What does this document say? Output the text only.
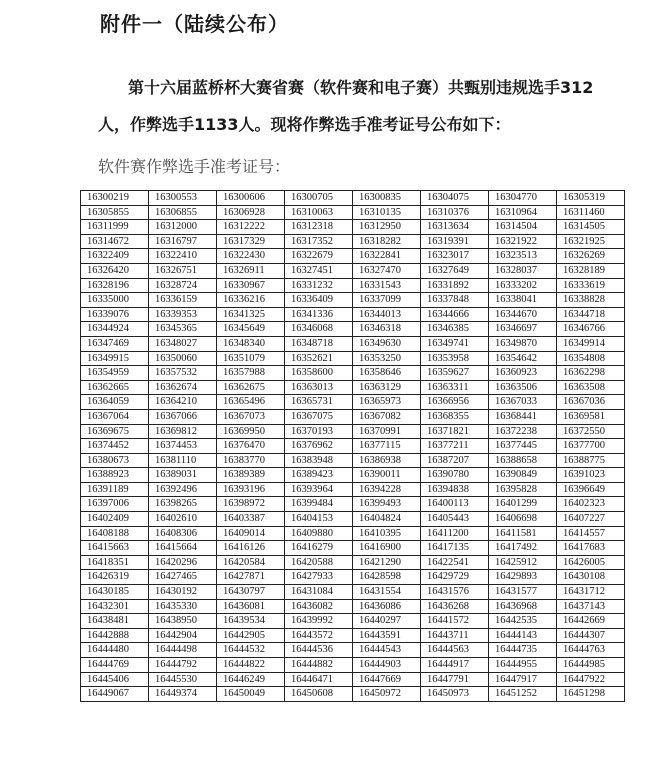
附件一（陆续公布）
第十六届蓝桥杯大赛省赛（软件赛和电子赛）共甄别违规选手312
人，作弊选手1133人。现将作弊选手准考证号公布如下：
软件赛作弊选手准考证号：
16300219	16300553	16300606	16300705	16300835	16304075	16304770	16305319
16305855	16306855	16306928	16310063	16310135	16310376	16310964	16311460
16311999	16312000	16312222	16312318	16312950	16313634	16314504	16314505
16314672	16316797	16317329	16317352	16318282	16319391	16321922	16321925
16322409	16322410	16322430	16322679	16322841	16323017	16323513	16326269
16326420	16326751	16326911	16327451	16327470	16327649	16328037	16328189
16328196	16328724	16330967	16331232	16331543	16331892	16333202	16333619
16335000	16336159	16336216	16336409	16337099	16337848	16338041	16338828
16339076	16339353	16341325	16341336	16344013	16344666	16344670	16344718
16344924	16345365	16345649	16346068	16346318	16346385	16346697	16346766
16347469	16348027	16348340	16348718	16349630	16349741	16349870	16349914
16349915	16350060	16351079	16352621	16353250	16353958	16354642	16354808
16354959	16357532	16357988	16358600	16358646	16359627	16360923	16362298
16362665	16362674	16362675	16363013	16363129	16363311	16363506	16363508
16364059	16364210	16365496	16365731	16365973	16366956	16367033	16367036
16367064	16367066	16367073	16367075	16367082	16368355	16368441	16369581
16369675	16369812	16369950	16370193	16370991	16371821	16372238	16372550
16374452	16374453	16376470	16376962	16377115	16377211	16377445	16377700
16380673	16381110	16383770	16383948	16386938	16387207	16388658	16388775
16388923	16389031	16389389	16389423	16390011	16390780	16390849	16391023
16391189	16392496	16393196	16393964	16394228	16394838	16395828	16396649
16397006	16398265	16398972	16399484	16399493	16400113	16401299	16402323
16402409	16402610	16403387	16404153	16404824	16405443	16406698	16407227
16408188	16408306	16409014	16409880	16410395	16411200	16411581	16414557
16415663	16415664	16416126	16416279	16416900	16417135	16417492	16417683
16418351	16420296	16420584	16420588	16421290	16422541	16425912	16426005
16426319	16427465	16427871	16427933	16428598	16429729	16429893	16430108
16430185	16430192	16430797	16431084	16431554	16431576	16431577	16431712
16432301	16435330	16436081	16436082	16436086	16436268	16436968	16437143
16438481	16438950	16439534	16439992	16440297	16441572	16442535	16442669
16442888	16442904	16442905	16443572	16443591	16443711	16444143	16444307
16444480	16444498	16444532	16444536	16444543	16444563	16444735	16444763
16444769	16444792	16444822	16444882	16444903	16444917	16444955	16444985
16445406	16445530	16446249	16446471	16447669	16447791	16447917	16447922
16449067	16449374	16450049	16450608	16450972	16450973	16451252	16451298
